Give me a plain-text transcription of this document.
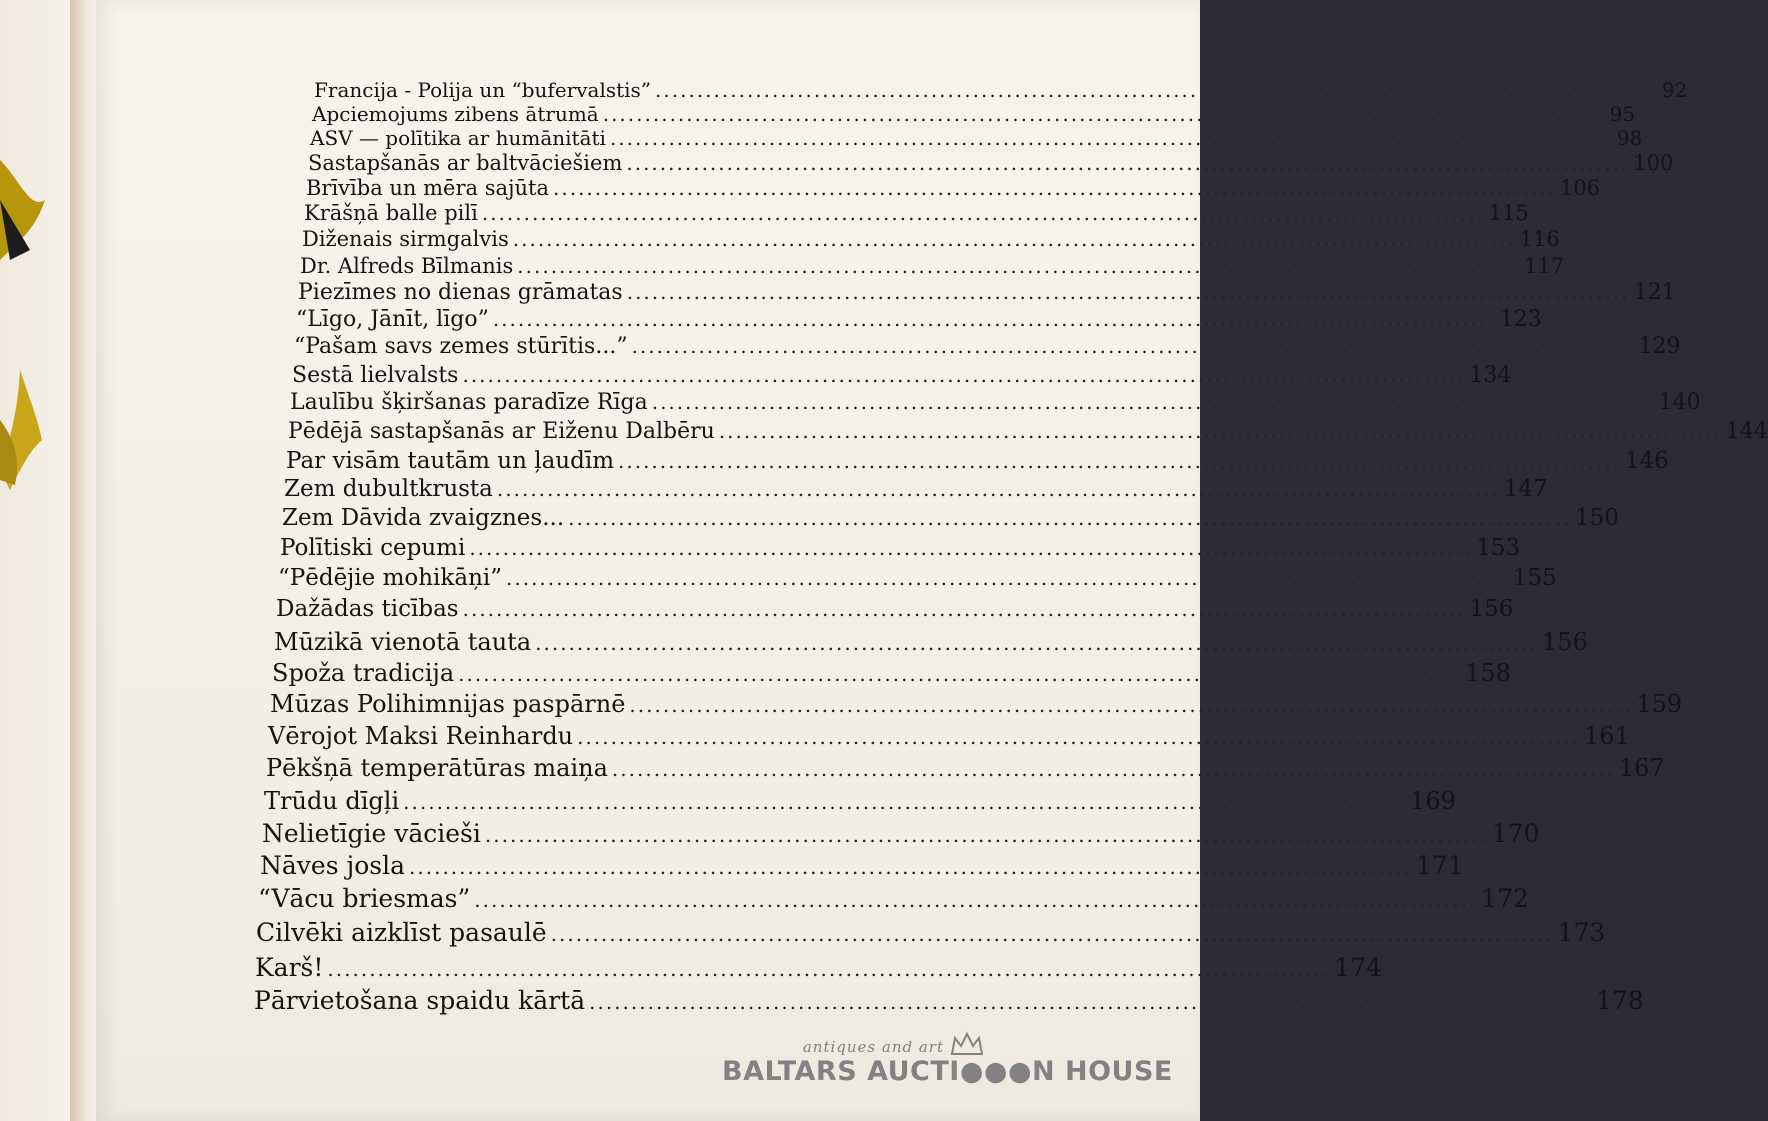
Francija - Polija un “bufervalstis” ........................................................................................................................ 92
Apciemojums zibens ātrumā ........................................................................................................................ 95
ASV — polītika ar humānitāti ........................................................................................................................ 98
Sastapšanās ar baltvāciešiem ........................................................................................................................ 100
Brīvība un mēra sajūta ........................................................................................................................ 106
Krāšņā balle pilī ........................................................................................................................ 115
Diženais sirmgalvis ........................................................................................................................ 116
Dr. Alfreds Bīlmanis ........................................................................................................................ 117
Piezīmes no dienas grāmatas ........................................................................................................................ 121
“Līgo, Jānīt, līgo” ........................................................................................................................ 123
“Pašam savs zemes stūrītis...” ........................................................................................................................ 129
Sestā lielvalsts ........................................................................................................................ 134
Laulību šķiršanas paradīze Rīga ........................................................................................................................ 140
Pēdējā sastapšanās ar Eiženu Dalbēru ........................................................................................................................ 144
Par visām tautām un ļaudīm ........................................................................................................................ 146
Zem dubultkrusta ........................................................................................................................ 147
Zem Dāvida zvaigznes... ........................................................................................................................ 150
Polītiski cepumi ........................................................................................................................ 153
“Pēdējie mohikāņi” ........................................................................................................................ 155
Dažādas ticības ........................................................................................................................ 156
Mūzikā vienotā tauta ........................................................................................................................ 156
Spoža tradicija ........................................................................................................................ 158
Mūzas Polihimnijas paspārnē ........................................................................................................................ 159
Vērojot Maksi Reinhardu ........................................................................................................................ 161
Pēkšņā temperātūras maiņa ........................................................................................................................ 167
Trūdu dīgļi ........................................................................................................................ 169
Nelietīgie vācieši ........................................................................................................................ 170
Nāves josla ........................................................................................................................ 171
“Vācu briesmas” ........................................................................................................................ 172
Cilvēki aizklīst pasaulē ........................................................................................................................ 173
Karš! ........................................................................................................................ 174
Pārvietošana spaidu kārtā ........................................................................................................................ 178
antiques and art
BALTARS AUCTI●●●N HOUSE
